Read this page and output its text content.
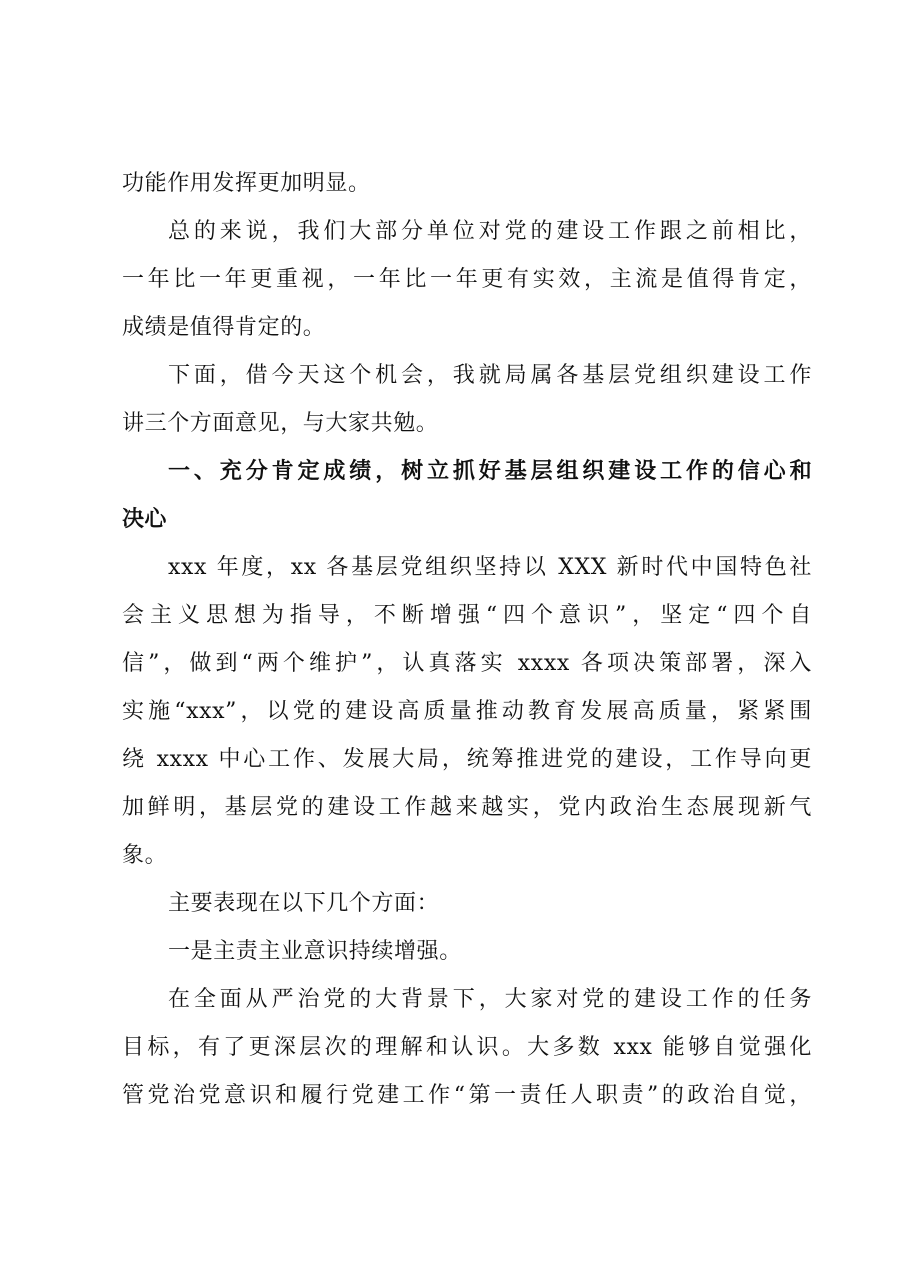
功能作用发挥更加明显。
总的来说，我们大部分单位对党的建设工作跟之前相比，
一年比一年更重视，一年比一年更有实效，主流是值得肯定，
成绩是值得肯定的。
下面，借今天这个机会，我就局属各基层党组织建设工作
讲三个方面意见，与大家共勉。
一、充分肯定成绩，树立抓好基层组织建设工作的信心和
决心
xxx 年度，xx 各基层党组织坚持以 XXX 新时代中国特色社
会主义思想为指导，不断增强“四个意识”，坚定“四个自
信”，做到“两个维护”，认真落实 xxxx 各项决策部署，深入
实施“xxx”，以党的建设高质量推动教育发展高质量，紧紧围
绕 xxxx 中心工作、发展大局，统筹推进党的建设，工作导向更
加鲜明，基层党的建设工作越来越实，党内政治生态展现新气
象。
主要表现在以下几个方面：
一是主责主业意识持续增强。
在全面从严治党的大背景下，大家对党的建设工作的任务
目标，有了更深层次的理解和认识。大多数 xxx 能够自觉强化
管党治党意识和履行党建工作“第一责任人职责”的政治自觉，
